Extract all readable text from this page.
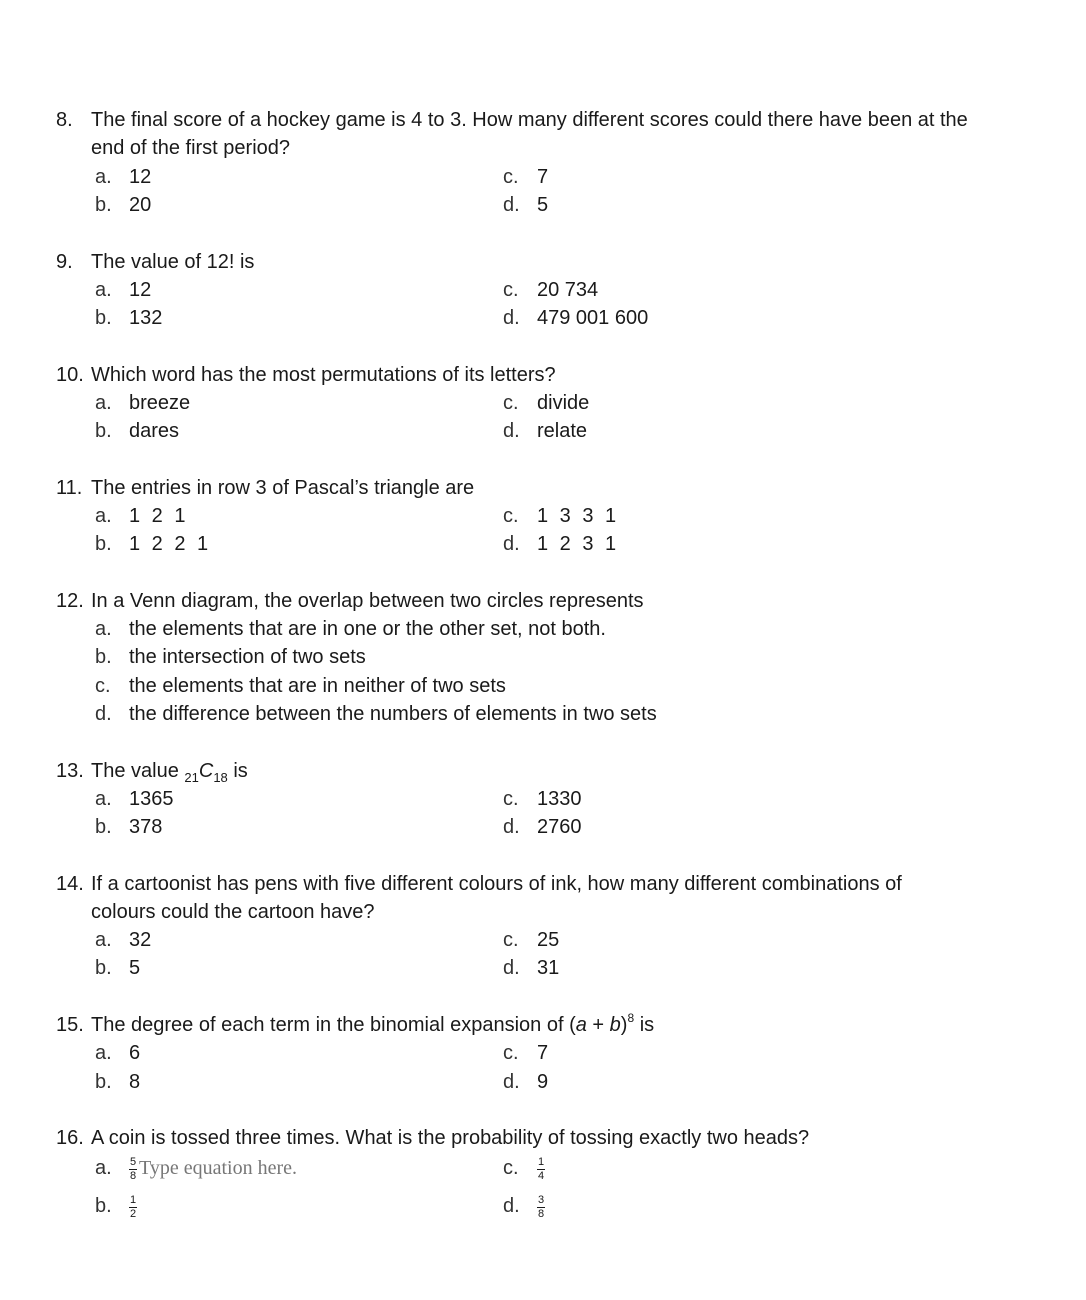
8. The final score of a hockey game is 4 to 3. How many different scores could there have been at the
end of the first period?
a. 12
b. 20
c. 7
d. 5
9. The value of 12! is
a. 12
b. 132
c. 20 734
d. 479 001 600
10. Which word has the most permutations of its letters?
a. breeze
b. dares
c. divide
d. relate
11. The entries in row 3 of Pascal’s triangle are
a. 1 2 1
b. 1 2 2 1
c. 1 3 3 1
d. 1 2 3 1
12. In a Venn diagram, the overlap between two circles represents
a. the elements that are in one or the other set, not both.
b. the intersection of two sets
c. the elements that are in neither of two sets
d. the difference between the numbers of elements in two sets
13. The value $_{21}C_{18}$ is
a. 1365
b. 378
c. 1330
d. 2760
14. If a cartoonist has pens with five different colours of ink, how many different combinations of
colours could the cartoon have?
a. 32
b. 5
c. 25
d. 31
15. The degree of each term in the binomial expansion of $(a + b)^8$ is
a. 6
b. 8
c. 7
d. 9
16. A coin is tossed three times. What is the probability of tossing exactly two heads?
a. $\frac{5}{8}$ Type equation here.
b. $\frac{1}{2}$
c. $\frac{1}{4}$
d. $\frac{3}{8}$
